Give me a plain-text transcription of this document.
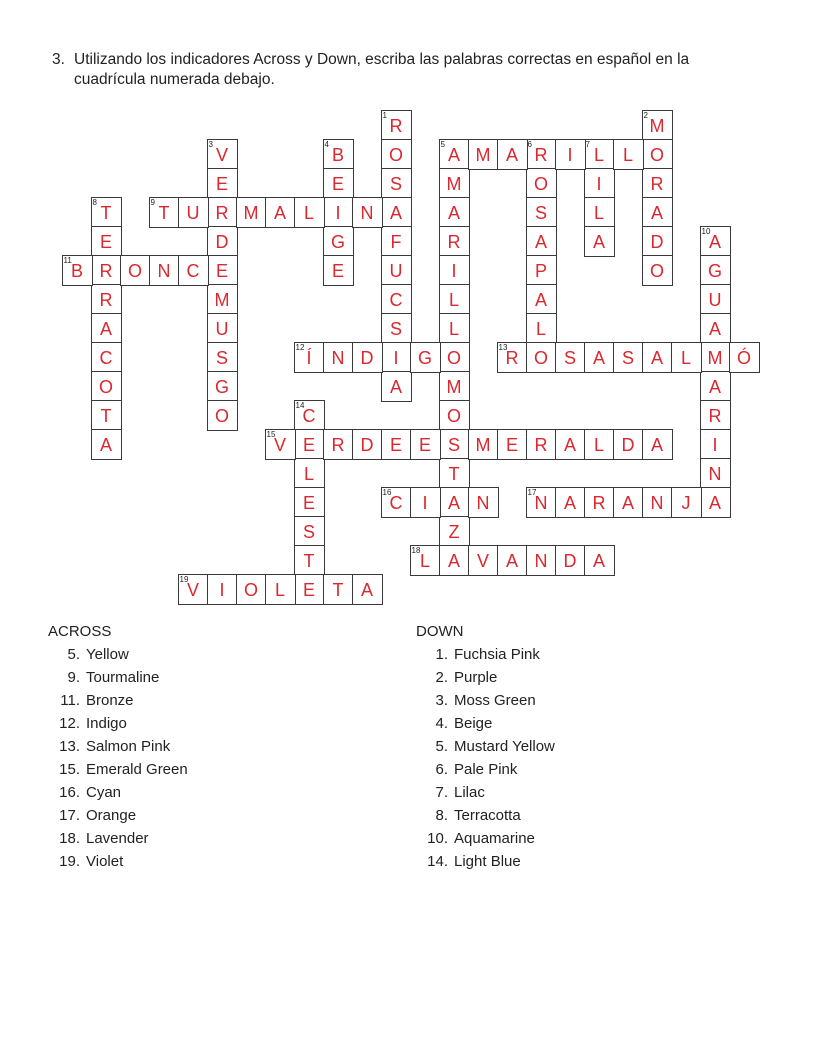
3. Utilizando los indicadores Across y Down, escriba las palabras correctas en español en la
cuadrícula numerada debajo.
1
R
O
S
A
F
U
C
S
I
A
2
M
O
R
A
D
O
3
V
E
R
D
E
M
U
S
G
O
4
B
E
I
G
E
5
A
M
A
R
I
L
L
O
M
O
S
T
A
Z
6
R
O
S
A
P
A
L
7
L
I
L
A
8
T
E
R
R
A
C
O
T
A
10
A
G
U
A
M
A
R
I
N
A
14
C
E
L
E
S
T
E
M A	I	L
9
T U	M A L	N
11
B	O N C
12
Í	N D	G
13
R O S A S A L	Ó
15
V	R D E E	M E R A L D A
16
C	I	N
17
N A R A N	J
18
L A V A N D A
19
V	I	O L	T A
ACROSS
5. Yellow
9. Tourmaline
11. Bronze
12. Indigo
13. Salmon Pink
15. Emerald Green
16. Cyan
17. Orange
18. Lavender
19. Violet
DOWN
1. Fuchsia Pink
2. Purple
3. Moss Green
4. Beige
5. Mustard Yellow
6. Pale Pink
7. Lilac
8. Terracotta
10. Aquamarine
14. Light Blue
